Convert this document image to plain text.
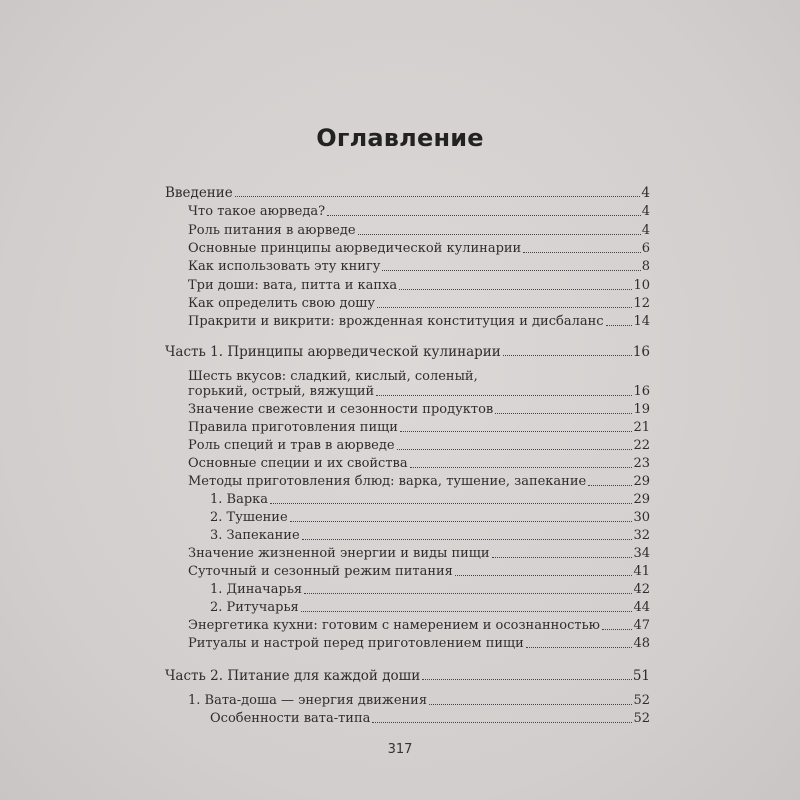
Оглавление
Введение	4
Что такое аюрведа?	4
Роль питания в аюрведе	4
Основные принципы аюрведической кулинарии	6
Как использовать эту книгу	8
Три доши: вата, питта и капха	10
Как определить свою дошу	12
Пракрити и викрити: врожденная конституция и дисбаланс 14
Часть 1. Принципы аюрведической кулинарии	16
Шесть вкусов: сладкий, кислый, соленый,
горький, острый, вяжущий	16
Значение свежести и сезонности продуктов	19
Правила приготовления пищи	21
Роль специй и трав в аюрведе	22
Основные специи и их свойства	23
Методы приготовления блюд: варка, тушение, запекание	29
1. Варка	29
2. Тушение	30
3. Запекание	32
Значение жизненной энергии и виды пищи	34
Суточный и сезонный режим питания	41
1. Диначарья	42
2. Ритучарья	44
Энергетика кухни: готовим с намерением и осознанностью	47
Ритуалы и настрой перед приготовлением пищи	48
Часть 2. Питание для каждой доши	51
1. Вата-доша — энергия движения	52
Особенности вата-типа	52
317
